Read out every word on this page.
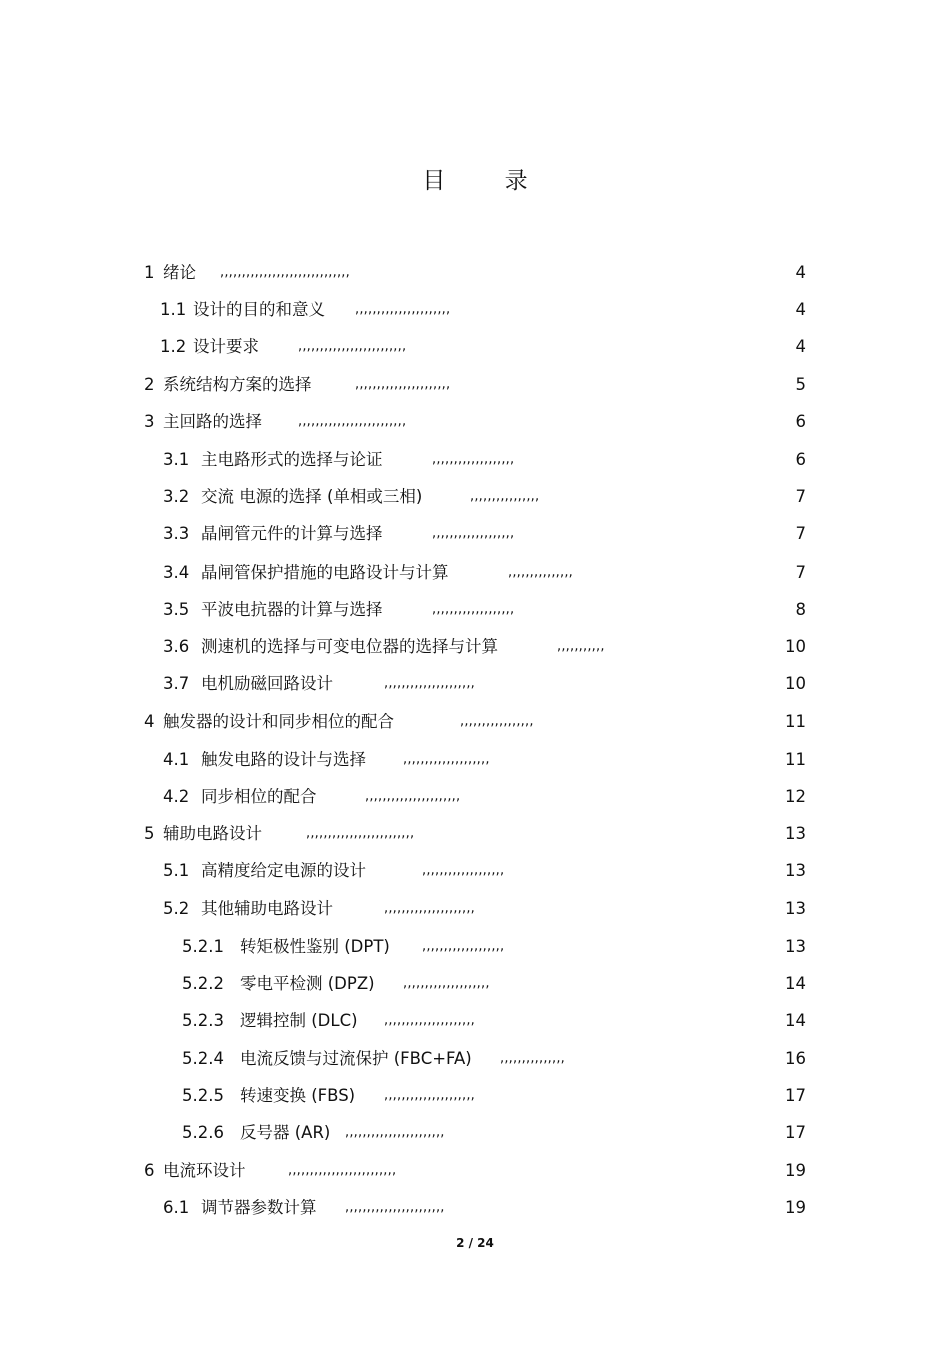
目 录
1 绪论 ,,,,,,,,,,,,,,,,,,,,,,,,,,,,,,	4
1.1 设计的目的和意义 ,,,,,,,,,,,,,,,,,,,,,,	4
1.2 设计要求	,,,,,,,,,,,,,,,,,,,,,,,,,	4
2 系统结构方案的选择	,,,,,,,,,,,,,,,,,,,,,,	5
3 主回路的选择	,,,,,,,,,,,,,,,,,,,,,,,,,	6
3.1 主电路形式的选择与论证	,,,,,,,,,,,,,,,,,,,	6
3.2 交流 电源的选择 (单相或三相)	,,,,,,,,,,,,,,,,	7
3.3 晶闸管元件的计算与选择	,,,,,,,,,,,,,,,,,,,	7
3.4 晶闸管保护措施的电路设计与计算	,,,,,,,,,,,,,,,	7
3.5 平波电抗器的计算与选择	,,,,,,,,,,,,,,,,,,,	8
3.6 测速机的选择与可变电位器的选择与计算	,,,,,,,,,,,	10
3.7 电机励磁回路设计	,,,,,,,,,,,,,,,,,,,,,	10
4 触发器的设计和同步相位的配合	,,,,,,,,,,,,,,,,,	11
4.1 触发电路的设计与选择	,,,,,,,,,,,,,,,,,,,,	11
4.2 同步相位的配合	,,,,,,,,,,,,,,,,,,,,,,	12
5 辅助电路设计	,,,,,,,,,,,,,,,,,,,,,,,,,	13
5.1 高精度给定电源的设计	,,,,,,,,,,,,,,,,,,,	13
5.2 其他辅助电路设计	,,,,,,,,,,,,,,,,,,,,,	13
5.2.1 转矩极性鉴别 (DPT) ,,,,,,,,,,,,,,,,,,,	13
5.2.2 零电平检测 (DPZ) ,,,,,,,,,,,,,,,,,,,,	14
5.2.3 逻辑控制 (DLC) ,,,,,,,,,,,,,,,,,,,,,	14
5.2.4 电流反馈与过流保护 (FBC+FA) ,,,,,,,,,,,,,,,	16
5.2.5 转速变换 (FBS) ,,,,,,,,,,,,,,,,,,,,,	17
5.2.6 反号器 (AR) ,,,,,,,,,,,,,,,,,,,,,,,	17
6 电流环设计	,,,,,,,,,,,,,,,,,,,,,,,,,	19
6.1 调节器参数计算 ,,,,,,,,,,,,,,,,,,,,,,,	19
2 / 24
